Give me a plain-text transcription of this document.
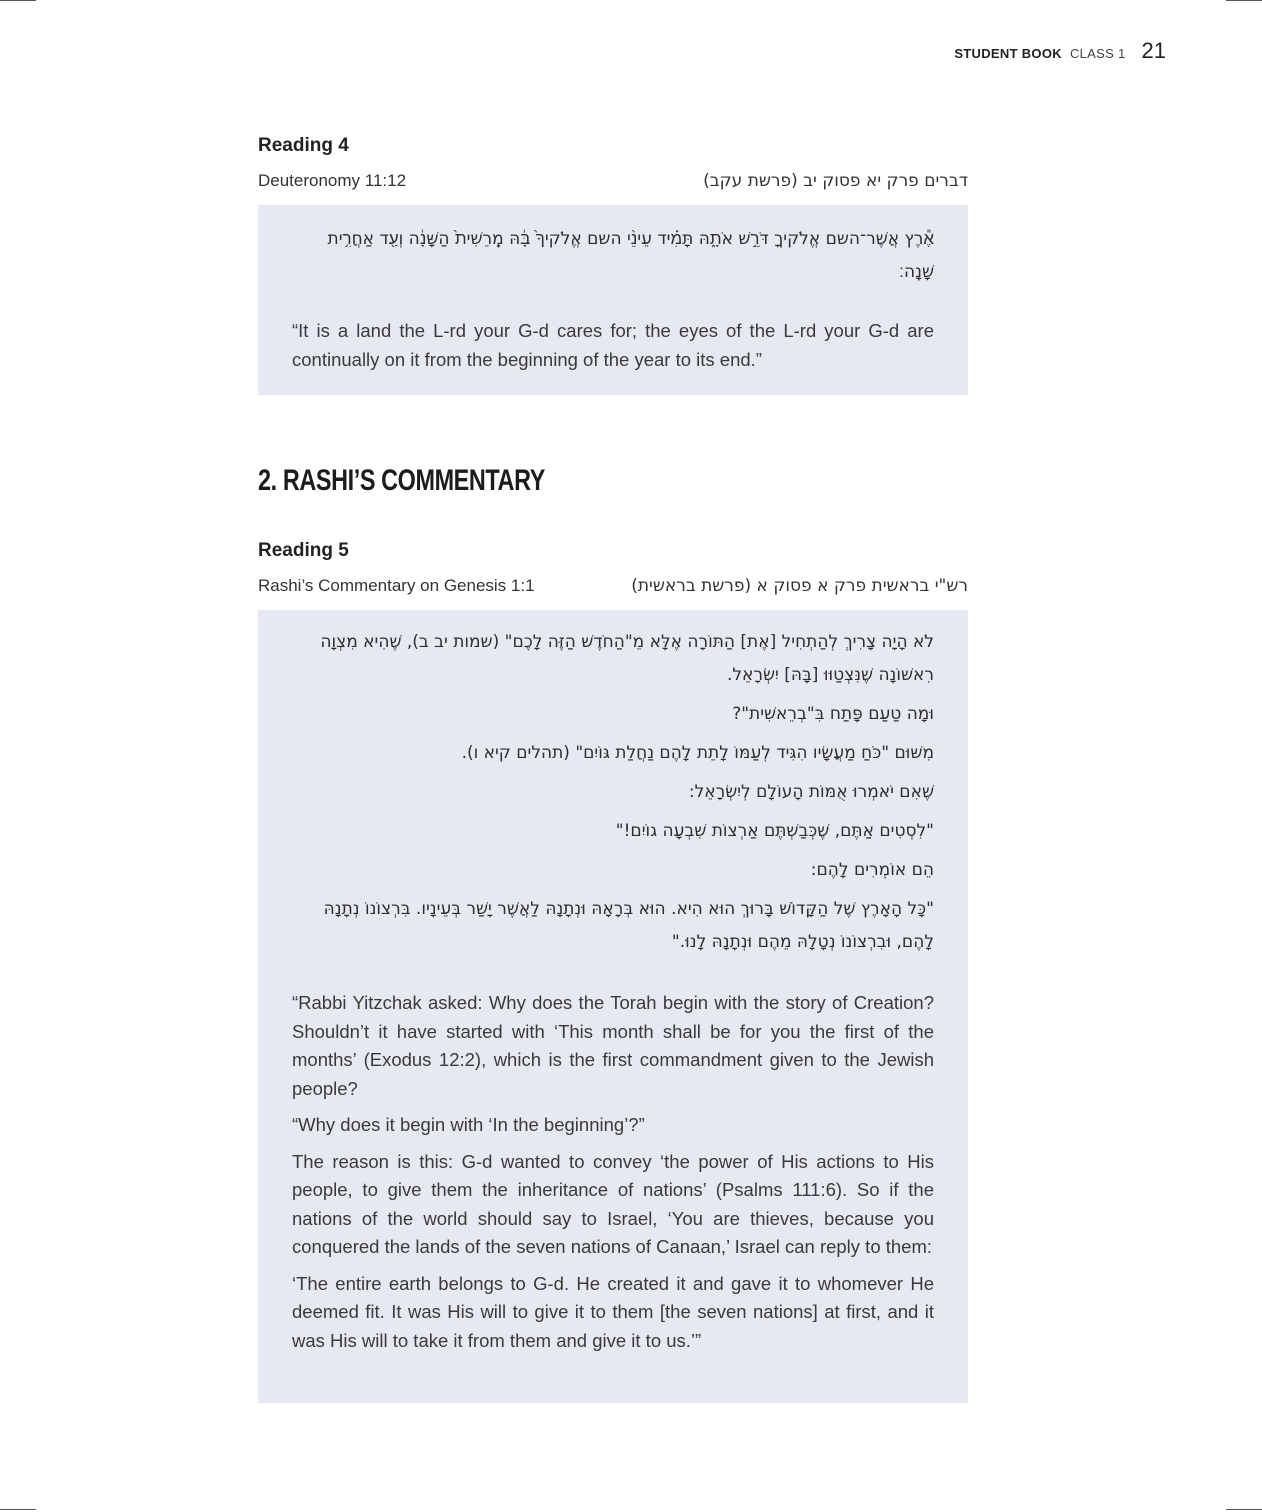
STUDENT BOOK CLASS 1 21
Reading 4
Deuteronomy 11:12	דברים פרק יא פסוק יב (פרשת עקב)

אֶ֕רֶץ אֲשֶׁר־השם אֱלֹקיךָ דֹּרֵ֣שׁ אֹתָ֑הּ תָּמִ֗יד עֵינֵ֨י השם אֱלֹקיךָ֙ בָּ֔הּ מֵֽרֵשִׁית֙ הַשָּׁנָ֔ה וְעַ֖ד אַחֲרִ֥ית שָׁנָֽה׃

“It is a land the L-rd your G-d cares for; the eyes of the L-rd your G-d are continually on it from the beginning of the year to its end.”

2. RASHI’S COMMENTARY
Reading 5
Rashi’s Commentary on Genesis 1:1	רש"י בראשית פרק א פסוק א (פרשת בראשית)

לֹא הָיָה צָרִיךְ לְהַתְחִיל [אֶת] הַתּוֹרָה אֶלָּא מֵ"הַחֹדֶשׁ הַזֶּה לָכֶם" (שמות יב ב), שֶׁהִיא מִצְוָה רִאשׁוֹנָה שֶׁנִּצְטַוּוּ [בָּהּ] יִשְׂרָאֵל.

וּמָה טַעַם פָּתַח בִּ"בְרֵאשִׁית"?

מִשּׁוּם "כֹּחַ מַעֲשָׂיו הִגִּיד לְעַמּוֹ לָתֵת לָהֶם נַחֲלַת גּוֹיִם" (תהלים קיא ו).

שֶׁאִם יֹאמְרוּ אֻמּוֹת הָעוֹלָם לְיִשְׂרָאֵל:

"לִסְטִים אַתֶּם, שֶׁכְּבַשְׁתֶּם אַרְצוֹת שִׁבְעָה גוֹיִם!"

הֵם אוֹמְרִים לָהֶם:

"כָּל הָאָרֶץ שֶׁל הַקָּדוֹשׁ בָּרוּךְ הוּא הִיא. הוּא בְּרָאָהּ וּנְתָנָהּ לַאֲשֶׁר יָשַׁר בְּעֵינָיו. בִּרְצוֹנוֹ נְתָנָהּ לָהֶם, וּבִרְצוֹנוֹ נְטָלָהּ מֵהֶם וּנְתָנָהּ לָנוּ."

“Rabbi Yitzchak asked: Why does the Torah begin with the story of Creation? Shouldn’t it have started with ‘This month shall be for you the first of the months’ (Exodus 12:2), which is the first commandment given to the Jewish people?

“Why does it begin with ‘In the beginning’?”

The reason is this: G-d wanted to convey ‘the power of His actions to His people, to give them the inheritance of nations’ (Psalms 111:6). So if the nations of the world should say to Israel, ‘You are thieves, because you conquered the lands of the seven nations of Canaan,’ Israel can reply to them:

‘The entire earth belongs to G-d. He created it and gave it to whomever He deemed fit. It was His will to give it to them [the seven nations] at first, and it was His will to take it from them and give it to us.’”
